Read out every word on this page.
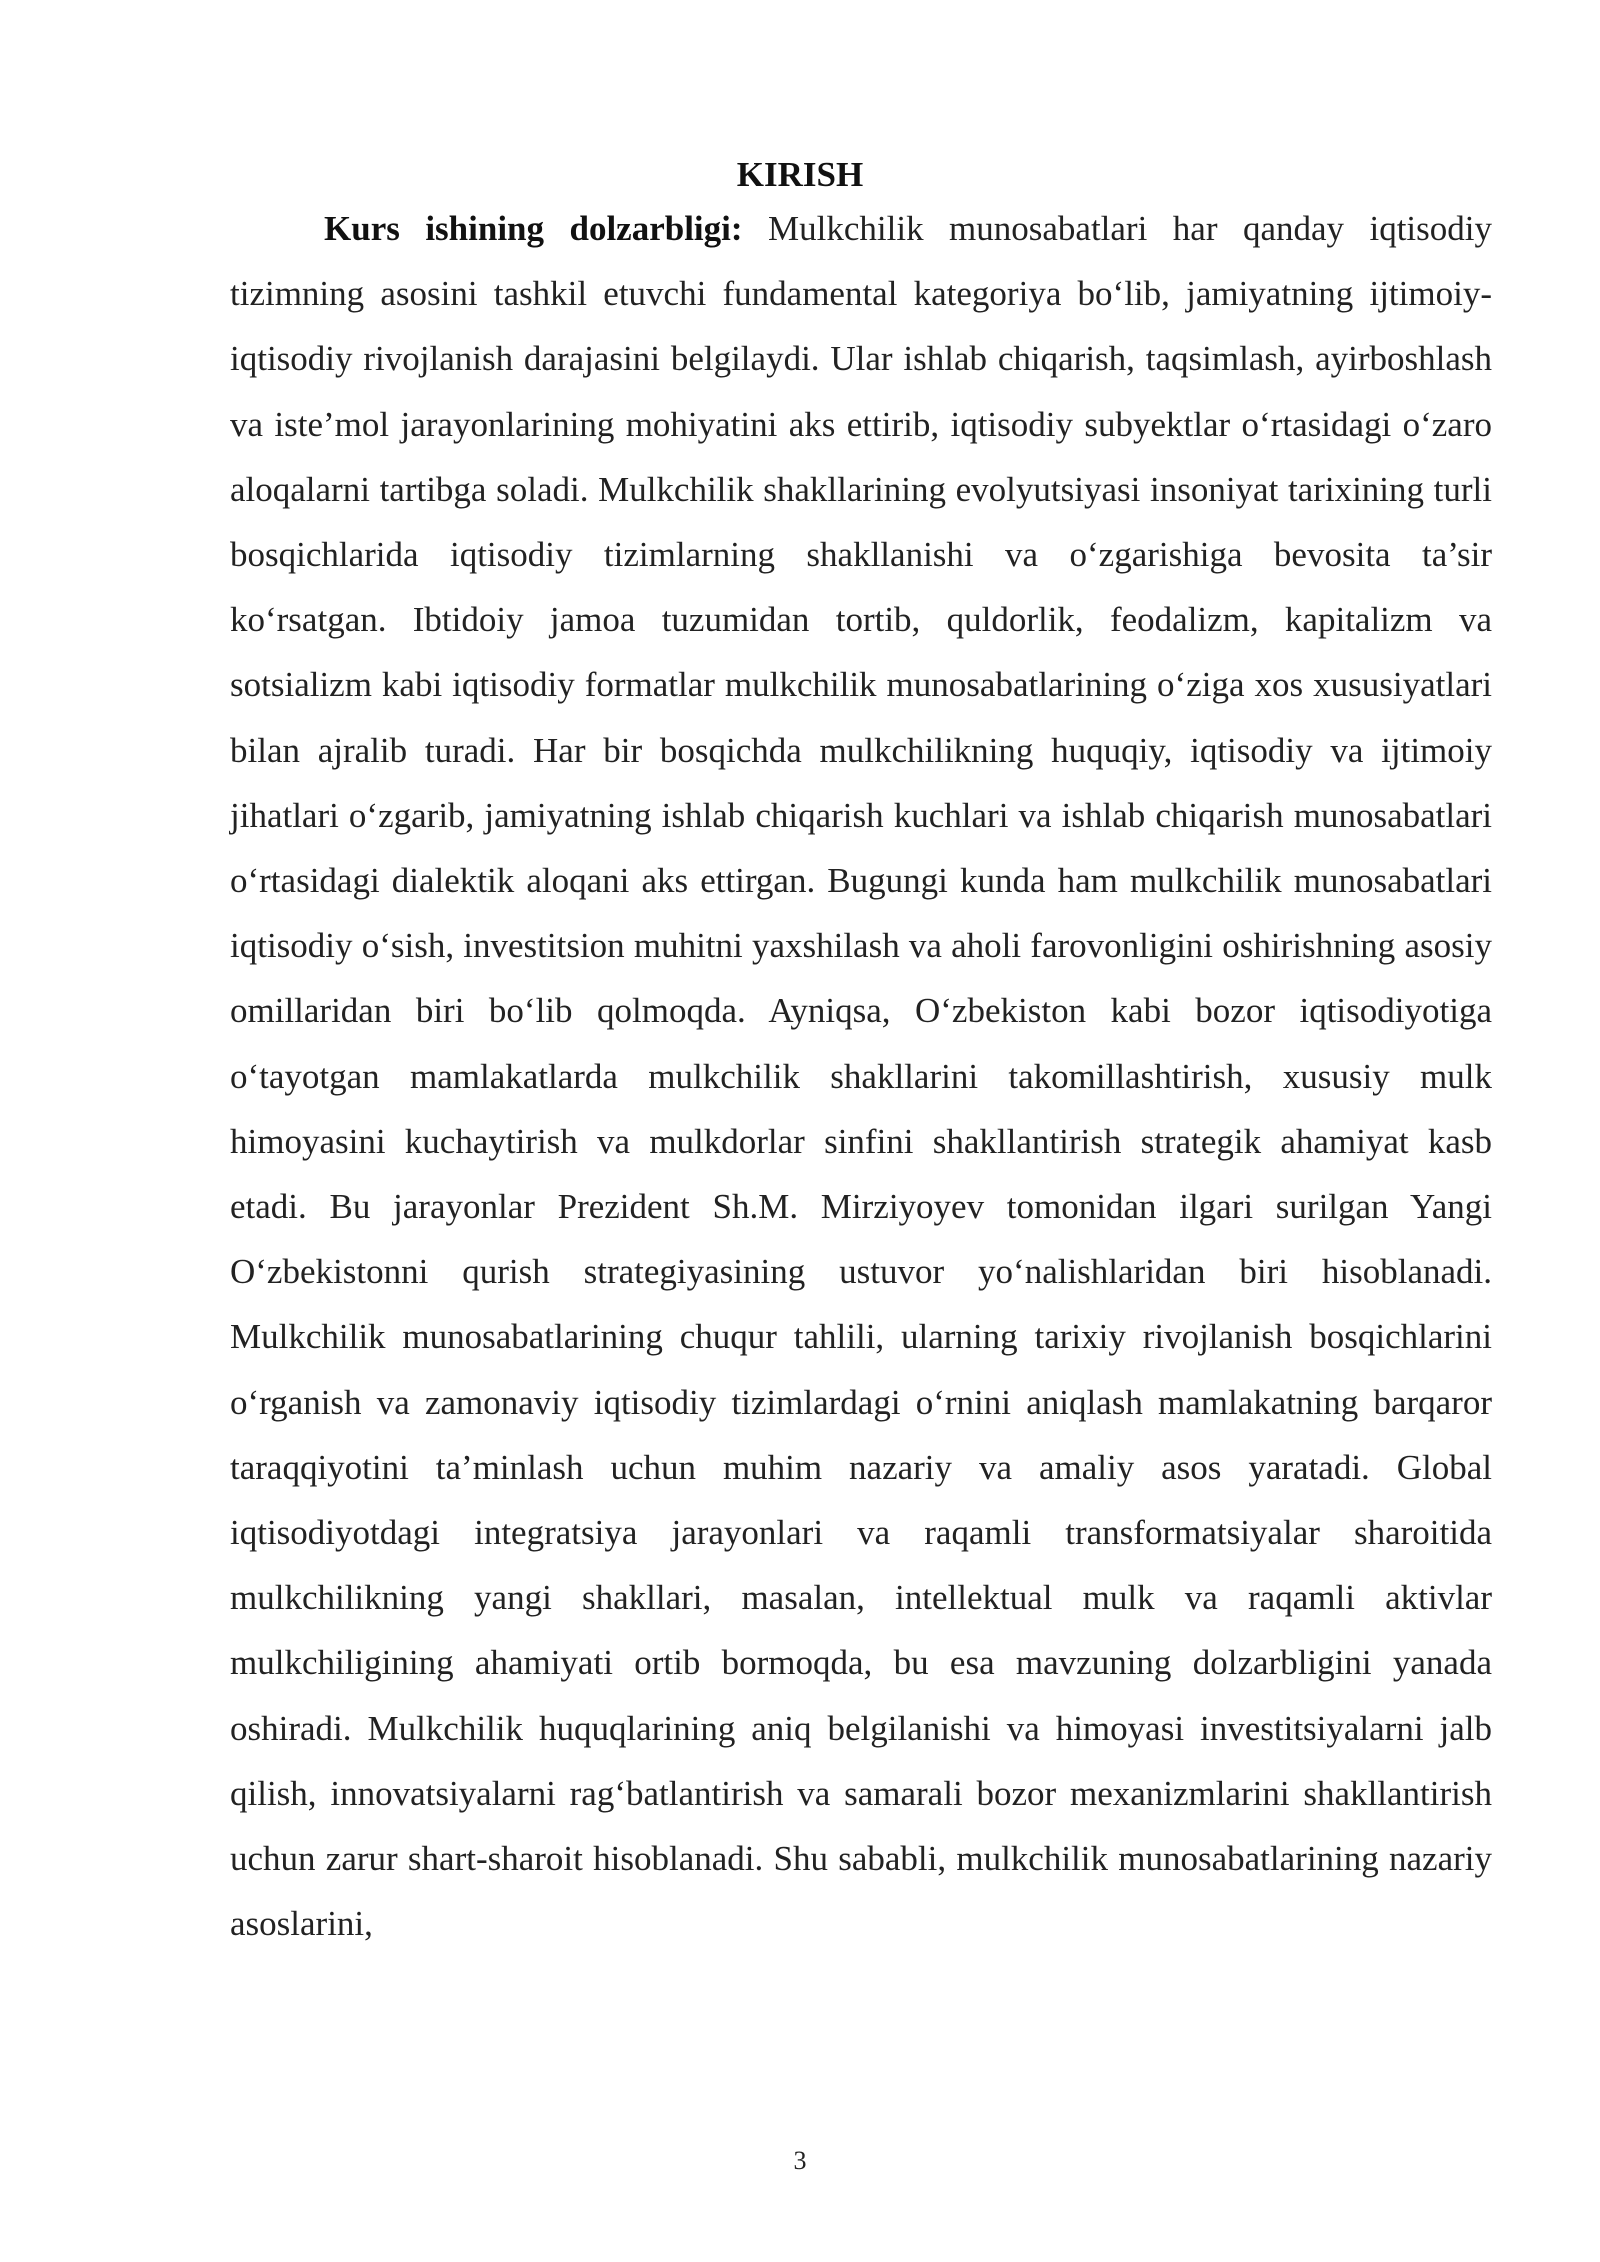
KIRISH

Kurs ishining dolzarbligi: Mulkchilik munosabatlari har qanday iqtisodiy tizimning asosini tashkil etuvchi fundamental kategoriya bo‘lib, jamiyatning ijtimoiy-iqtisodiy rivojlanish darajasini belgilaydi. Ular ishlab chiqarish, taqsimlash, ayirboshlash va iste’mol jarayonlarining mohiyatini aks ettirib, iqtisodiy subyektlar o‘rtasidagi o‘zaro aloqalarni tartibga soladi. Mulkchilik shakllarining evolyutsiyasi insoniyat tarixining turli bosqichlarida iqtisodiy tizimlarning shakllanishi va o‘zgarishiga bevosita ta’sir ko‘rsatgan. Ibtidoiy jamoa tuzumidan tortib, quldorlik, feodalizm, kapitalizm va sotsializm kabi iqtisodiy formatlar mulkchilik munosabatlarining o‘ziga xos xususiyatlari bilan ajralib turadi. Har bir bosqichda mulkchilikning huquqiy, iqtisodiy va ijtimoiy jihatlari o‘zgarib, jamiyatning ishlab chiqarish kuchlari va ishlab chiqarish munosabatlari o‘rtasidagi dialektik aloqani aks ettirgan. Bugungi kunda ham mulkchilik munosabatlari iqtisodiy o‘sish, investitsion muhitni yaxshilash va aholi farovonligini oshirishning asosiy omillaridan biri bo‘lib qolmoqda. Ayniqsa, O‘zbekiston kabi bozor iqtisodiyotiga o‘tayotgan mamlakatlarda mulkchilik shakllarini takomillashtirish, xususiy mulk himoyasini kuchaytirish va mulkdorlar sinfini shakllantirish strategik ahamiyat kasb etadi. Bu jarayonlar Prezident Sh.M. Mirziyoyev tomonidan ilgari surilgan Yangi O‘zbekistonni qurish strategiyasining ustuvor yo‘nalishlaridan biri hisoblanadi. Mulkchilik munosabatlarining chuqur tahlili, ularning tarixiy rivojlanish bosqichlarini o‘rganish va zamonaviy iqtisodiy tizimlardagi o‘rnini aniqlash mamlakatning barqaror taraqqiyotini ta’minlash uchun muhim nazariy va amaliy asos yaratadi. Global iqtisodiyotdagi integratsiya jarayonlari va raqamli transformatsiyalar sharoitida mulkchilikning yangi shakllari, masalan, intellektual mulk va raqamli aktivlar mulkchiligining ahamiyati ortib bormoqda, bu esa mavzuning dolzarbligini yanada oshiradi. Mulkchilik huquqlarining aniq belgilanishi va himoyasi investitsiyalarni jalb qilish, innovatsiyalarni rag‘batlantirish va samarali bozor mexanizmlarini shakllantirish uchun zarur shart-sharoit hisoblanadi. Shu sababli, mulkchilik munosabatlarining nazariy asoslarini,

3
